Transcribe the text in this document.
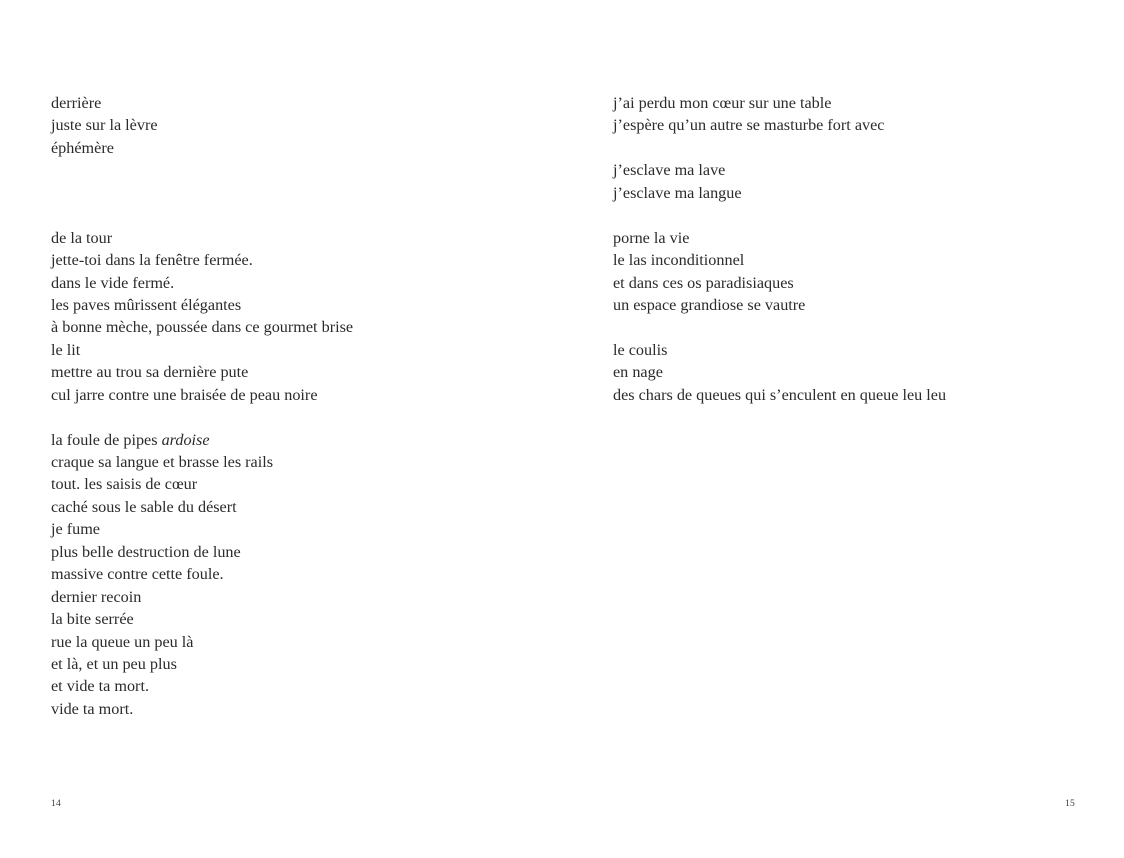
derrière
juste sur la lèvre
éphémère
de la tour
jette-toi dans la fenêtre fermée.
dans le vide fermé.
les paves mûrissent élégantes
à bonne mèche, poussée dans ce gourmet brise
le lit
mettre au trou sa dernière pute
cul jarre contre une braisée de peau noire
la foule de pipes ardoise
craque sa langue et brasse les rails
tout. les saisis de cœur
caché sous le sable du désert
je fume
plus belle destruction de lune
massive contre cette foule.
dernier recoin
la bite serrée
rue la queue un peu là
et là, et un peu plus
et vide ta mort.
vide ta mort.
14
j’ai perdu mon cœur sur une table
j’espère qu’un autre se masturbe fort avec
j’esclave ma lave
j’esclave ma langue
porne la vie
le las inconditionnel
et dans ces os paradisiaques
un espace grandiose se vautre
le coulis
en nage
des chars de queues qui s’enculent en queue leu leu
15
